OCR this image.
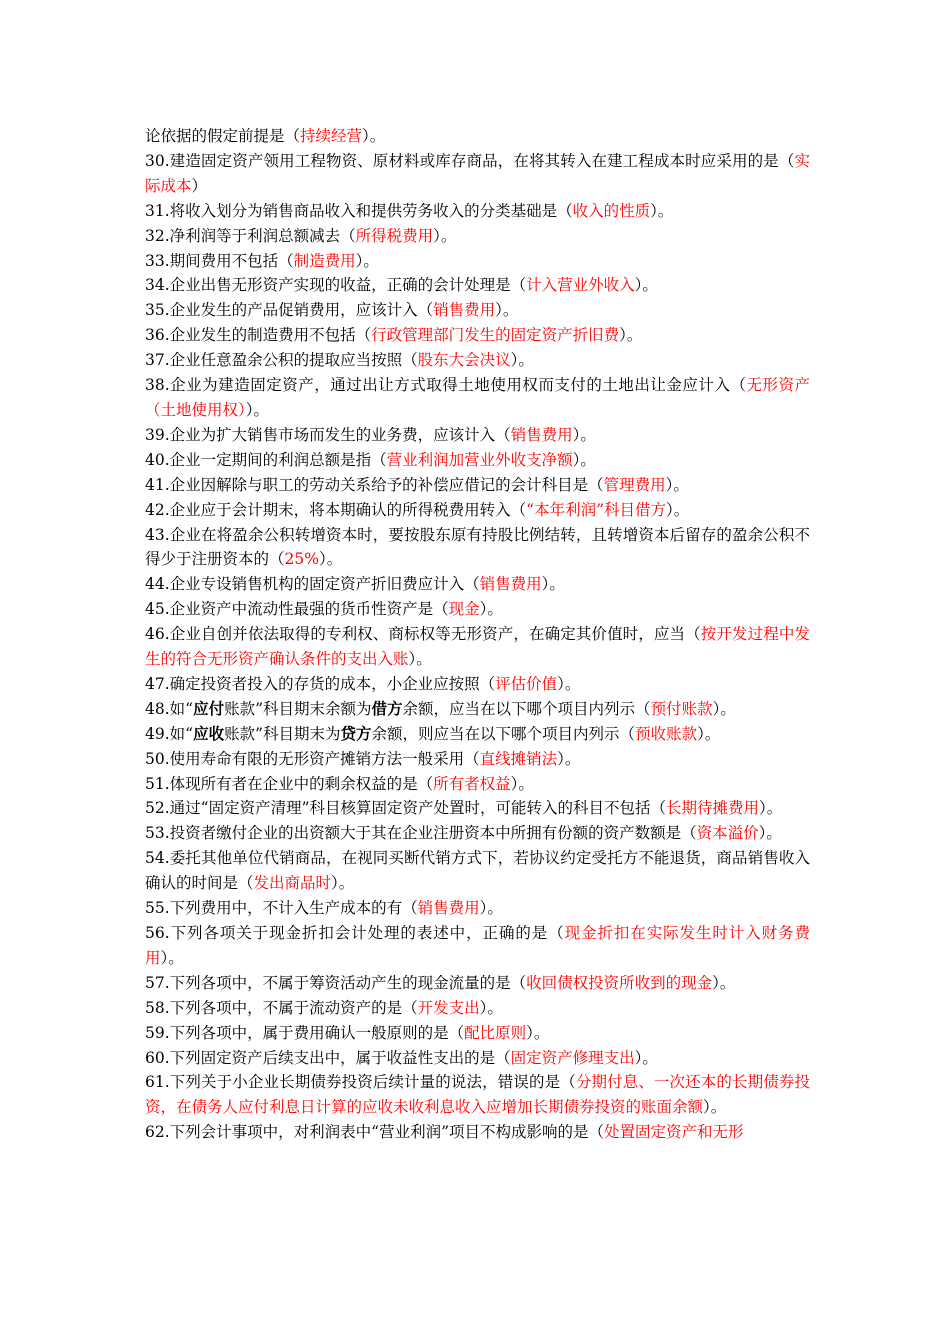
论依据的假定前提是（持续经营）。

30.建造固定资产领用工程物资、原材料或库存商品，在将其转入在建工程成本时应采用的是（实际成本）

31.将收入划分为销售商品收入和提供劳务收入的分类基础是（收入的性质）。

32.净利润等于利润总额减去（所得税费用）。

33.期间费用不包括（制造费用）。

34.企业出售无形资产实现的收益，正确的会计处理是（计入营业外收入）。

35.企业发生的产品促销费用，应该计入（销售费用）。

36.企业发生的制造费用不包括（行政管理部门发生的固定资产折旧费）。

37.企业任意盈余公积的提取应当按照（股东大会决议）。

38.企业为建造固定资产，通过出让方式取得土地使用权而支付的土地出让金应计入（无形资产（土地使用权））。

39.企业为扩大销售市场而发生的业务费，应该计入（销售费用）。

40.企业一定期间的利润总额是指（营业利润加营业外收支净额）。

41.企业因解除与职工的劳动关系给予的补偿应借记的会计科目是（管理费用）。

42.企业应于会计期末，将本期确认的所得税费用转入（“本年利润”科目借方）。

43.企业在将盈余公积转增资本时，要按股东原有持股比例结转，且转增资本后留存的盈余公积不得少于注册资本的（25%）。

44.企业专设销售机构的固定资产折旧费应计入（销售费用）。

45.企业资产中流动性最强的货币性资产是（现金）。

46.企业自创并依法取得的专利权、商标权等无形资产，在确定其价值时，应当（按开发过程中发生的符合无形资产确认条件的支出入账）。

47.确定投资者投入的存货的成本，小企业应按照（评估价值）。

48.如“应付账款”科目期末余额为借方余额，应当在以下哪个项目内列示（预付账款）。

49.如“应收账款”科目期末为贷方余额，则应当在以下哪个项目内列示（预收账款）。

50.使用寿命有限的无形资产摊销方法一般采用（直线摊销法）。

51.体现所有者在企业中的剩余权益的是（所有者权益）。

52.通过“固定资产清理”科目核算固定资产处置时，可能转入的科目不包括（长期待摊费用）。

53.投资者缴付企业的出资额大于其在企业注册资本中所拥有份额的资产数额是（资本溢价）。

54.委托其他单位代销商品，在视同买断代销方式下，若协议约定受托方不能退货，商品销售收入确认的时间是（发出商品时）。

55.下列费用中，不计入生产成本的有（销售费用）。

56.下列各项关于现金折扣会计处理的表述中，正确的是（现金折扣在实际发生时计入财务费用）。

57.下列各项中，不属于筹资活动产生的现金流量的是（收回债权投资所收到的现金）。

58.下列各项中，不属于流动资产的是（开发支出）。

59.下列各项中，属于费用确认一般原则的是（配比原则）。

60.下列固定资产后续支出中，属于收益性支出的是（固定资产修理支出）。

61.下列关于小企业长期债券投资后续计量的说法，错误的是（分期付息、一次还本的长期债券投资，在债务人应付利息日计算的应收未收利息收入应增加长期债券投资的账面余额）。

62.下列会计事项中，对利润表中“营业利润”项目不构成影响的是（处置固定资产和无形
